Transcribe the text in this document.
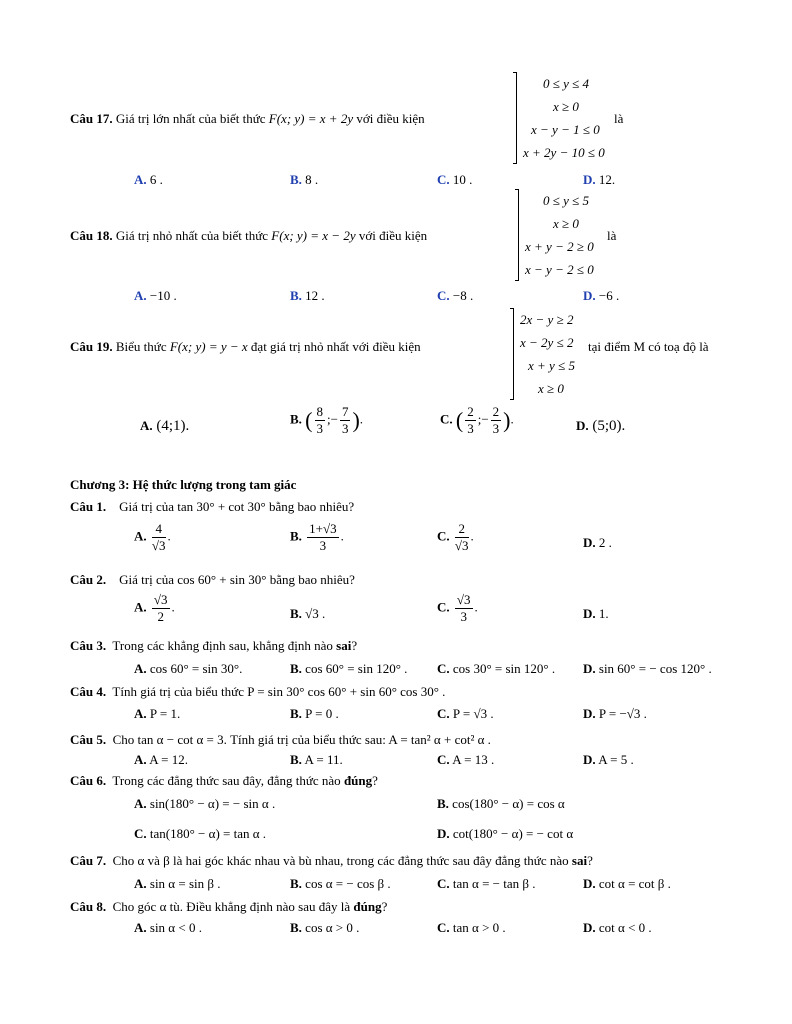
Câu 17. Giá trị lớn nhất của biết thức F(x; y) = x + 2y với điều kiện
0 ≤ y ≤ 4
x ≥ 0
x − y − 1 ≤ 0
x + 2y − 10 ≤ 0
là
A. 6 .	B. 8 .	C. 10 .	D. 12.
Câu 18. Giá trị nhỏ nhất của biết thức F(x; y) = x − 2y với điều kiện
0 ≤ y ≤ 5
x ≥ 0
x + y − 2 ≥ 0
x − y − 2 ≤ 0
là
A. −10 .	B. 12 .	C. −8 .	D. −6 .
Câu 19. Biểu thức F(x; y) = y − x đạt giá trị nhỏ nhất với điều kiện
2x − y ≥ 2
x − 2y ≤ 2
x + y ≤ 5
x ≥ 0
tại điểm M có toạ độ là
A. (4;1).	B. ( $\frac{8}{3}$ ;− $\frac{7}{3}$ ).	C. ( $\frac{2}{3}$ ;− $\frac{2}{3}$ ).	D. (5;0).
Chương 3: Hệ thức lượng trong tam giác
Câu 1. Giá trị của tan 30° + cot 30° bằng bao nhiêu?
A. $\frac{4}{√3}$ .	B. $\frac{1+√3}{3}$ .	C. $\frac{2}{√3}$ .	D. 2 .
Câu 2. Giá trị của cos 60° + sin 30° bằng bao nhiêu?
A. $\frac{√3}{2}$ .	B. √3 .	C. $\frac{√3}{3}$ .	D. 1.
Câu 3. Trong các khẳng định sau, khẳng định nào sai?
A. cos 60° = sin 30°.	B. cos 60° = sin 120° . C. cos 30° = sin 120° . D. sin 60° = − cos 120° .
Câu 4. Tính giá trị của biểu thức P = sin 30° cos 60° + sin 60° cos 30° .
A. P = 1.	B. P = 0 .	C. P = √3 .	D. P = −√3 .
Câu 5. Cho tan α − cot α = 3. Tính giá trị của biểu thức sau: A = tan² α + cot² α .
A. A = 12.	B. A = 11.	C. A = 13 .	D. A = 5 .
Câu 6. Trong các đẳng thức sau đây, đẳng thức nào đúng?
A. sin(180° − α) = − sin α .	B. cos(180° − α) = cos α
C. tan(180° − α) = tan α .	D. cot(180° − α) = − cot α
Câu 7. Cho α và β là hai góc khác nhau và bù nhau, trong các đẳng thức sau đây đẳng thức nào sai?
A. sin α = sin β .	B. cos α = − cos β .	C. tan α = − tan β .	D. cot α = cot β .
Câu 8. Cho góc α tù. Điều khẳng định nào sau đây là đúng?
A. sin α < 0 .	B. cos α > 0 .	C. tan α > 0 .	D. cot α < 0 .
